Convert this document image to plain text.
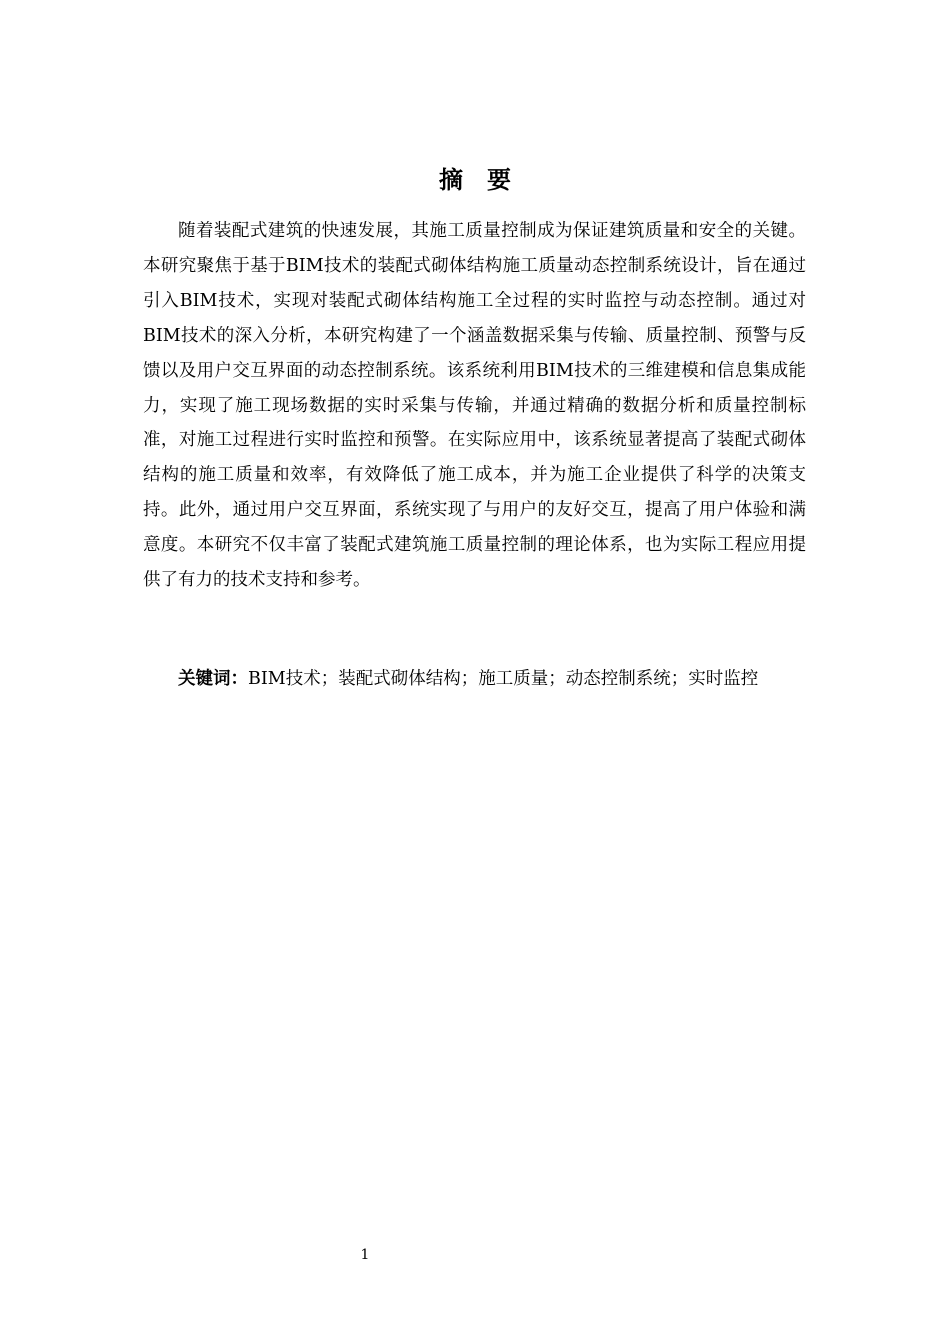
摘　要

随着装配式建筑的快速发展，其施工质量控制成为保证建筑质量和安全的关键。本研究聚焦于基于BIM技术的装配式砌体结构施工质量动态控制系统设计，旨在通过引入BIM技术，实现对装配式砌体结构施工全过程的实时监控与动态控制。通过对BIM技术的深入分析，本研究构建了一个涵盖数据采集与传输、质量控制、预警与反馈以及用户交互界面的动态控制系统。该系统利用BIM技术的三维建模和信息集成能力，实现了施工现场数据的实时采集与传输，并通过精确的数据分析和质量控制标准，对施工过程进行实时监控和预警。在实际应用中，该系统显著提高了装配式砌体结构的施工质量和效率，有效降低了施工成本，并为施工企业提供了科学的决策支持。此外，通过用户交互界面，系统实现了与用户的友好交互，提高了用户体验和满意度。本研究不仅丰富了装配式建筑施工质量控制的理论体系，也为实际工程应用提供了有力的技术支持和参考。

关键词：BIM技术；装配式砌体结构；施工质量；动态控制系统；实时监控

1
